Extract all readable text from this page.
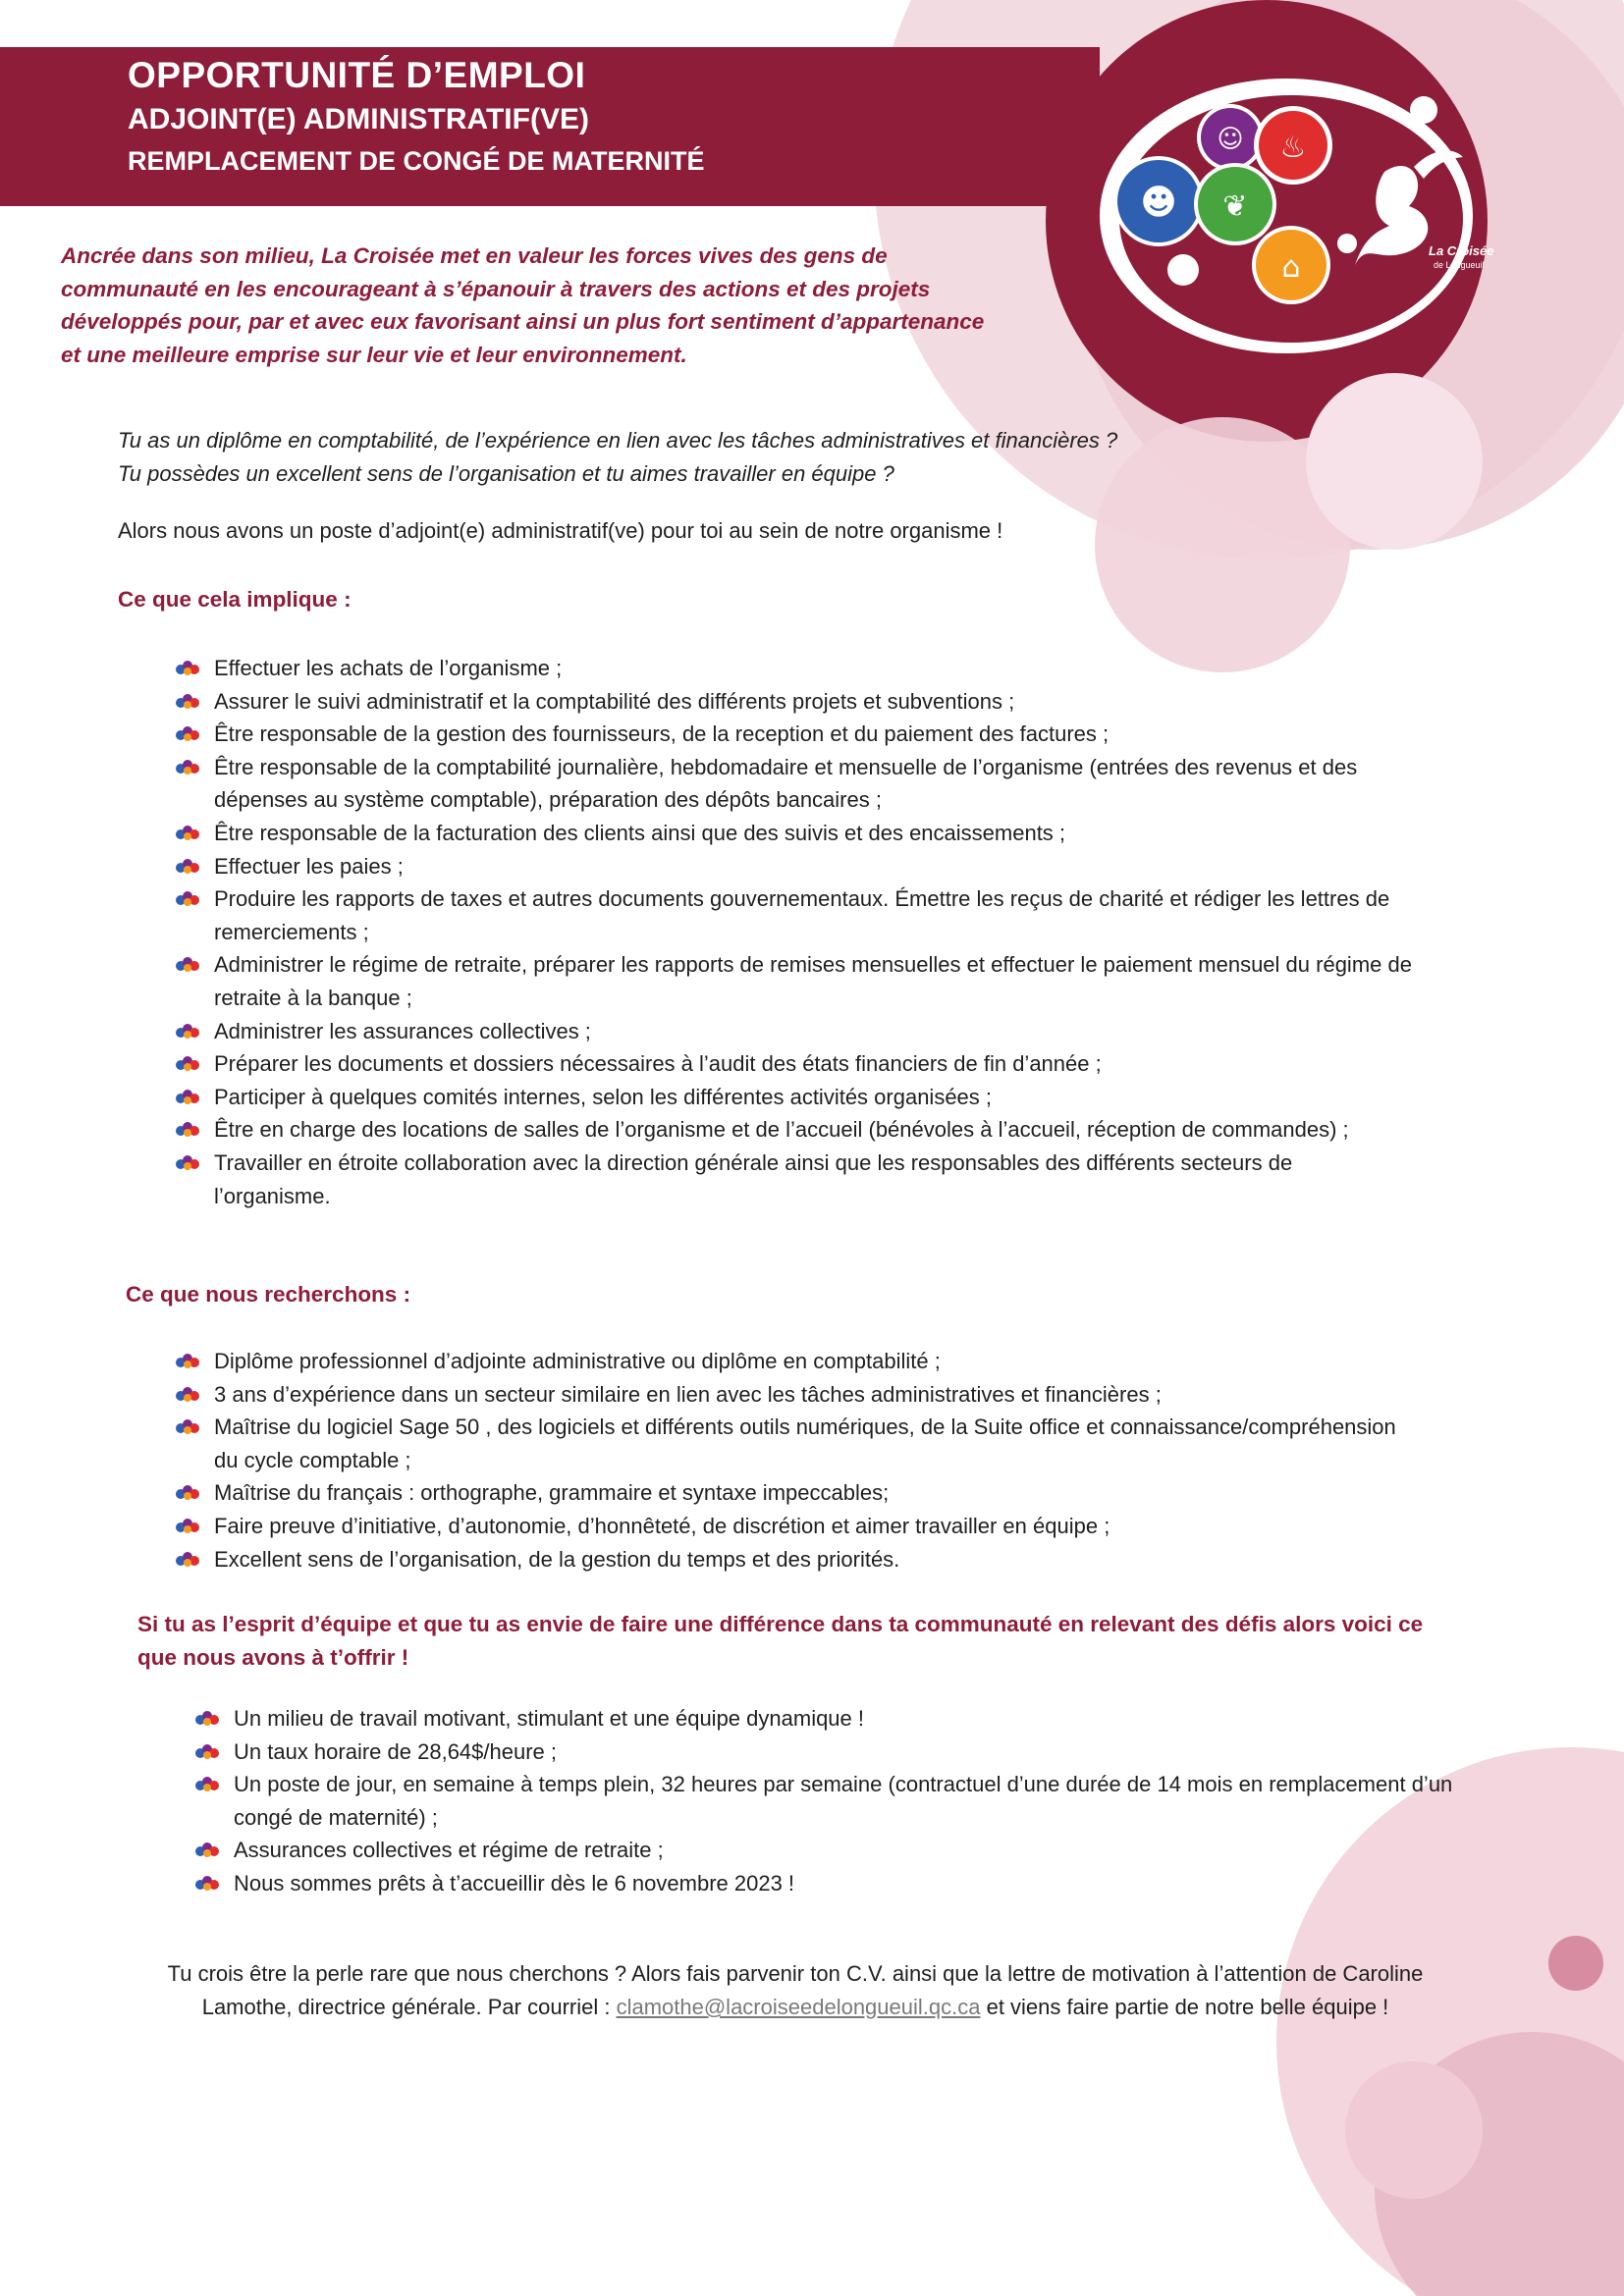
OPPORTUNITÉ D’EMPLOI
ADJOINT(E) ADMINISTRATIF(VE)
REMPLACEMENT DE CONGÉ DE MATERNITÉ
☺ ♨
☻ ❦
⌂	La Croisée
de Longueuil
Ancrée dans son milieu, La Croisée met en valeur les forces vives des gens de communauté en les encourageant à s’épanouir à travers des actions et des projets développés pour, par et avec eux favorisant ainsi un plus fort sentiment d’appartenance et une meilleure emprise sur leur vie et leur environnement.
Tu as un diplôme en comptabilité, de l’expérience en lien avec les tâches administratives et financières ? Tu possèdes un excellent sens de l’organisation et tu aimes travailler en équipe ?
Alors nous avons un poste d’adjoint(e) administratif(ve) pour toi au sein de notre organisme !
Ce que cela implique :
Effectuer les achats de l’organisme ;
Assurer le suivi administratif et la comptabilité des différents projets et subventions ;
Être responsable de la gestion des fournisseurs, de la reception et du paiement des factures ;
Être responsable de la comptabilité journalière, hebdomadaire et mensuelle de l’organisme (entrées des revenus et des dépenses au système comptable), préparation des dépôts bancaires ;
Être responsable de la facturation des clients ainsi que des suivis et des encaissements ;
Effectuer les paies ;
Produire les rapports de taxes et autres documents gouvernementaux. Émettre les reçus de charité et rédiger les lettres de remerciements ;
Administrer le régime de retraite, préparer les rapports de remises mensuelles et effectuer le paiement mensuel du régime de retraite à la banque ;
Administrer les assurances collectives ;
Préparer les documents et dossiers nécessaires à l’audit des états financiers de fin d’année ;
Participer à quelques comités internes, selon les différentes activités organisées ;
Être en charge des locations de salles de l’organisme et de l’accueil (bénévoles à l’accueil, réception de commandes) ;
Travailler en étroite collaboration avec la direction générale ainsi que les responsables des différents secteurs de l’organisme.
Ce que nous recherchons :
Diplôme professionnel d’adjointe administrative ou diplôme en comptabilité ;
3 ans d’expérience dans un secteur similaire en lien avec les tâches administratives et financières ;
Maîtrise du logiciel Sage 50 , des logiciels et différents outils numériques, de la Suite office et connaissance/compréhension du cycle comptable ;
Maîtrise du français : orthographe, grammaire et syntaxe impeccables;
Faire preuve d’initiative, d’autonomie, d’honnêteté, de discrétion et aimer travailler en équipe ;
Excellent sens de l’organisation, de la gestion du temps et des priorités.
Si tu as l’esprit d’équipe et que tu as envie de faire une différence dans ta communauté en relevant des défis alors voici ce que nous avons à t’offrir !
Un milieu de travail motivant, stimulant et une équipe dynamique !
Un taux horaire de 28,64$/heure ;
Un poste de jour, en semaine à temps plein, 32 heures par semaine (contractuel d’une durée de 14 mois en remplacement d’un congé de maternité) ;
Assurances collectives et régime de retraite ;
Nous sommes prêts à t’accueillir dès le 6 novembre 2023 !
Tu crois être la perle rare que nous cherchons ? Alors fais parvenir ton C.V. ainsi que la lettre de motivation à l’attention de Caroline Lamothe, directrice générale. Par courriel : clamothe@lacroiseedelongueuil.qc.ca et viens faire partie de notre belle équipe !
